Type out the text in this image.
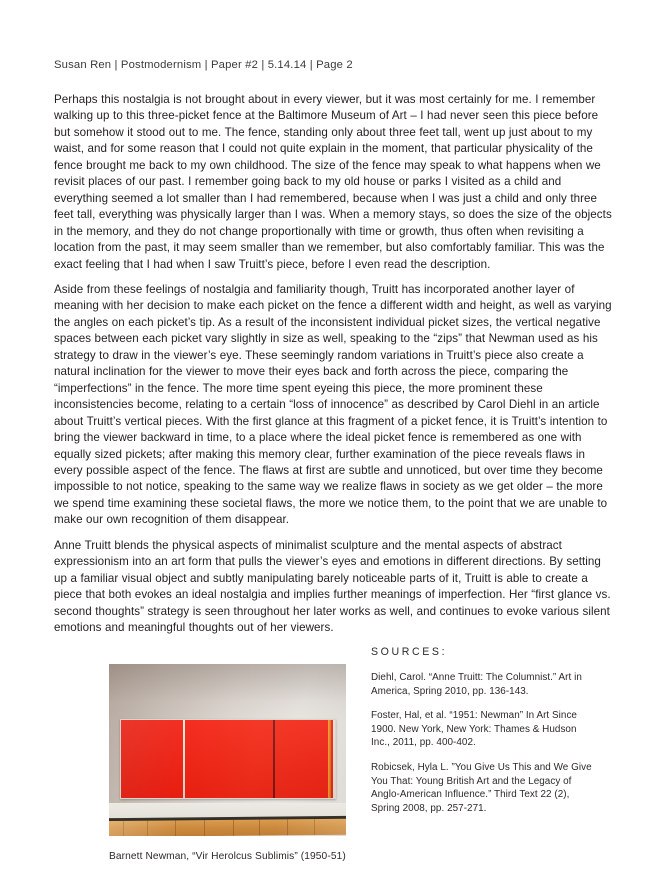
Susan Ren | Postmodernism | Paper #2 | 5.14.14 | Page 2

Perhaps this nostalgia is not brought about in every viewer, but it was most certainly for me. I remember walking up to this three-picket fence at the Baltimore Museum of Art – I had never seen this piece before but somehow it stood out to me. The fence, standing only about three feet tall, went up just about to my waist, and for some reason that I could not quite explain in the moment, that particular physicality of the fence brought me back to my own childhood. The size of the fence may speak to what happens when we revisit places of our past. I remember going back to my old house or parks I visited as a child and everything seemed a lot smaller than I had remembered, because when I was just a child and only three feet tall, everything was physically larger than I was. When a memory stays, so does the size of the objects in the memory, and they do not change proportionally with time or growth, thus often when revisiting a location from the past, it may seem smaller than we remember, but also comfortably familiar. This was the exact feeling that I had when I saw Truitt’s piece, before I even read the description.

Aside from these feelings of nostalgia and familiarity though, Truitt has incorporated another layer of meaning with her decision to make each picket on the fence a different width and height, as well as varying the angles on each picket’s tip. As a result of the inconsistent individual picket sizes, the vertical negative spaces between each picket vary slightly in size as well, speaking to the “zips” that Newman used as his strategy to draw in the viewer’s eye. These seemingly random variations in Truitt’s piece also create a natural inclination for the viewer to move their eyes back and forth across the piece, comparing the “imperfections” in the fence. The more time spent eyeing this piece, the more prominent these inconsistencies become, relating to a certain “loss of innocence” as described by Carol Diehl in an article about Truitt’s vertical pieces. With the first glance at this fragment of a picket fence, it is Truitt’s intention to bring the viewer backward in time, to a place where the ideal picket fence is remembered as one with equally sized pickets; after making this memory clear, further examination of the piece reveals flaws in every possible aspect of the fence. The flaws at first are subtle and unnoticed, but over time they become impossible to not notice, speaking to the same way we realize flaws in society as we get older – the more we spend time examining these societal flaws, the more we notice them, to the point that we are unable to make our own recognition of them disappear.

Anne Truitt blends the physical aspects of minimalist sculpture and the mental aspects of abstract expressionism into an art form that pulls the viewer’s eyes and emotions in different directions. By setting up a familiar visual object and subtly manipulating barely noticeable parts of it, Truitt is able to create a piece that both evokes an ideal nostalgia and implies further meanings of imperfection. Her “first glance vs. second thoughts” strategy is seen throughout her later works as well, and continues to evoke various silent emotions and meaningful thoughts out of her viewers.

Barnett Newman, “Vir Herolcus Sublimis” (1950-51)
SOURCES:

Diehl, Carol. “Anne Truitt: The Columnist.” Art in America, Spring 2010, pp. 136-143.

Foster, Hal, et al. “1951: Newman” In Art Since 1900. New York, New York: Thames & Hudson Inc., 2011, pp. 400-402.

Robicsek, Hyla L. ”You Give Us This and We Give You That: Young British Art and the Legacy of Anglo-American Influence.” Third Text 22 (2), Spring 2008, pp. 257-271.
